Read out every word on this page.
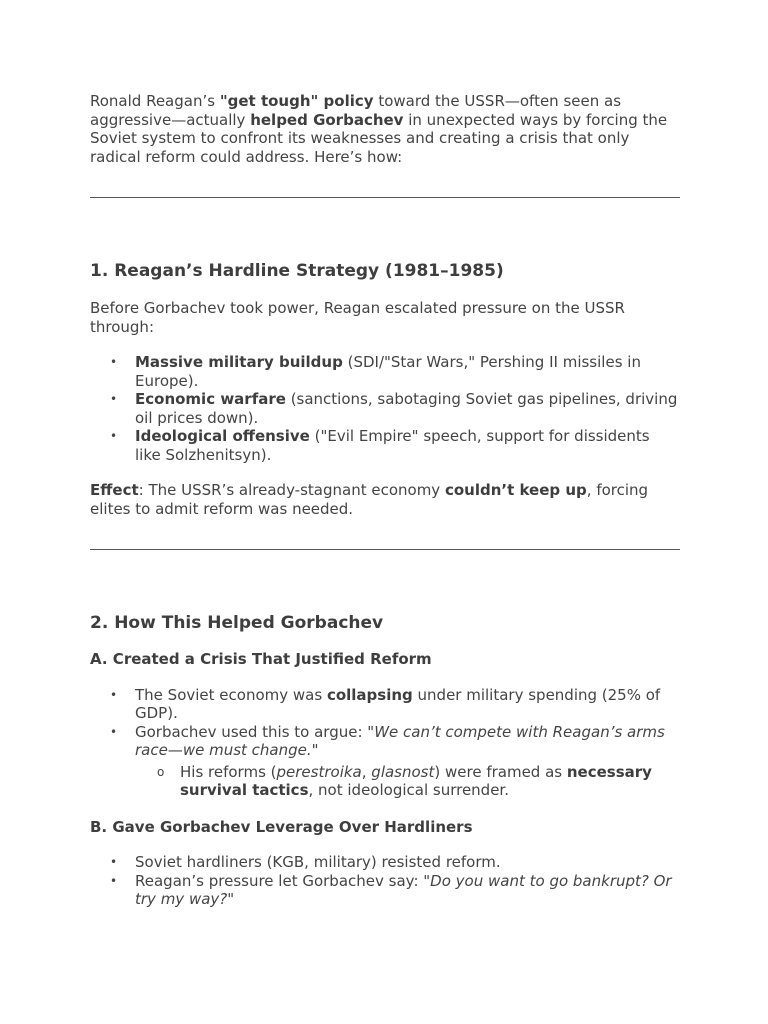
Ronald Reagan’s "get tough" policy toward the USSR—often seen as aggressive—actually helped Gorbachev in unexpected ways by forcing the Soviet system to confront its weaknesses and creating a crisis that only radical reform could address. Here’s how:

1. Reagan’s Hardline Strategy (1981–1985)

Before Gorbachev took power, Reagan escalated pressure on the USSR through:

• Massive military buildup (SDI/"Star Wars," Pershing II missiles in Europe).
• Economic warfare (sanctions, sabotaging Soviet gas pipelines, driving oil prices down).
• Ideological offensive ("Evil Empire" speech, support for dissidents like Solzhenitsyn).

Effect: The USSR’s already-stagnant economy couldn’t keep up, forcing elites to admit reform was needed.

2. How This Helped Gorbachev
A. Created a Crisis That Justified Reform
• The Soviet economy was collapsing under military spending (25% of GDP).
• Gorbachev used this to argue: "We can’t compete with Reagan’s arms race—we must change."
o His reforms (perestroika, glasnost) were framed as necessary survival tactics, not ideological surrender.
B. Gave Gorbachev Leverage Over Hardliners
• Soviet hardliners (KGB, military) resisted reform.
• Reagan’s pressure let Gorbachev say: "Do you want to go bankrupt? Or try my way?"
